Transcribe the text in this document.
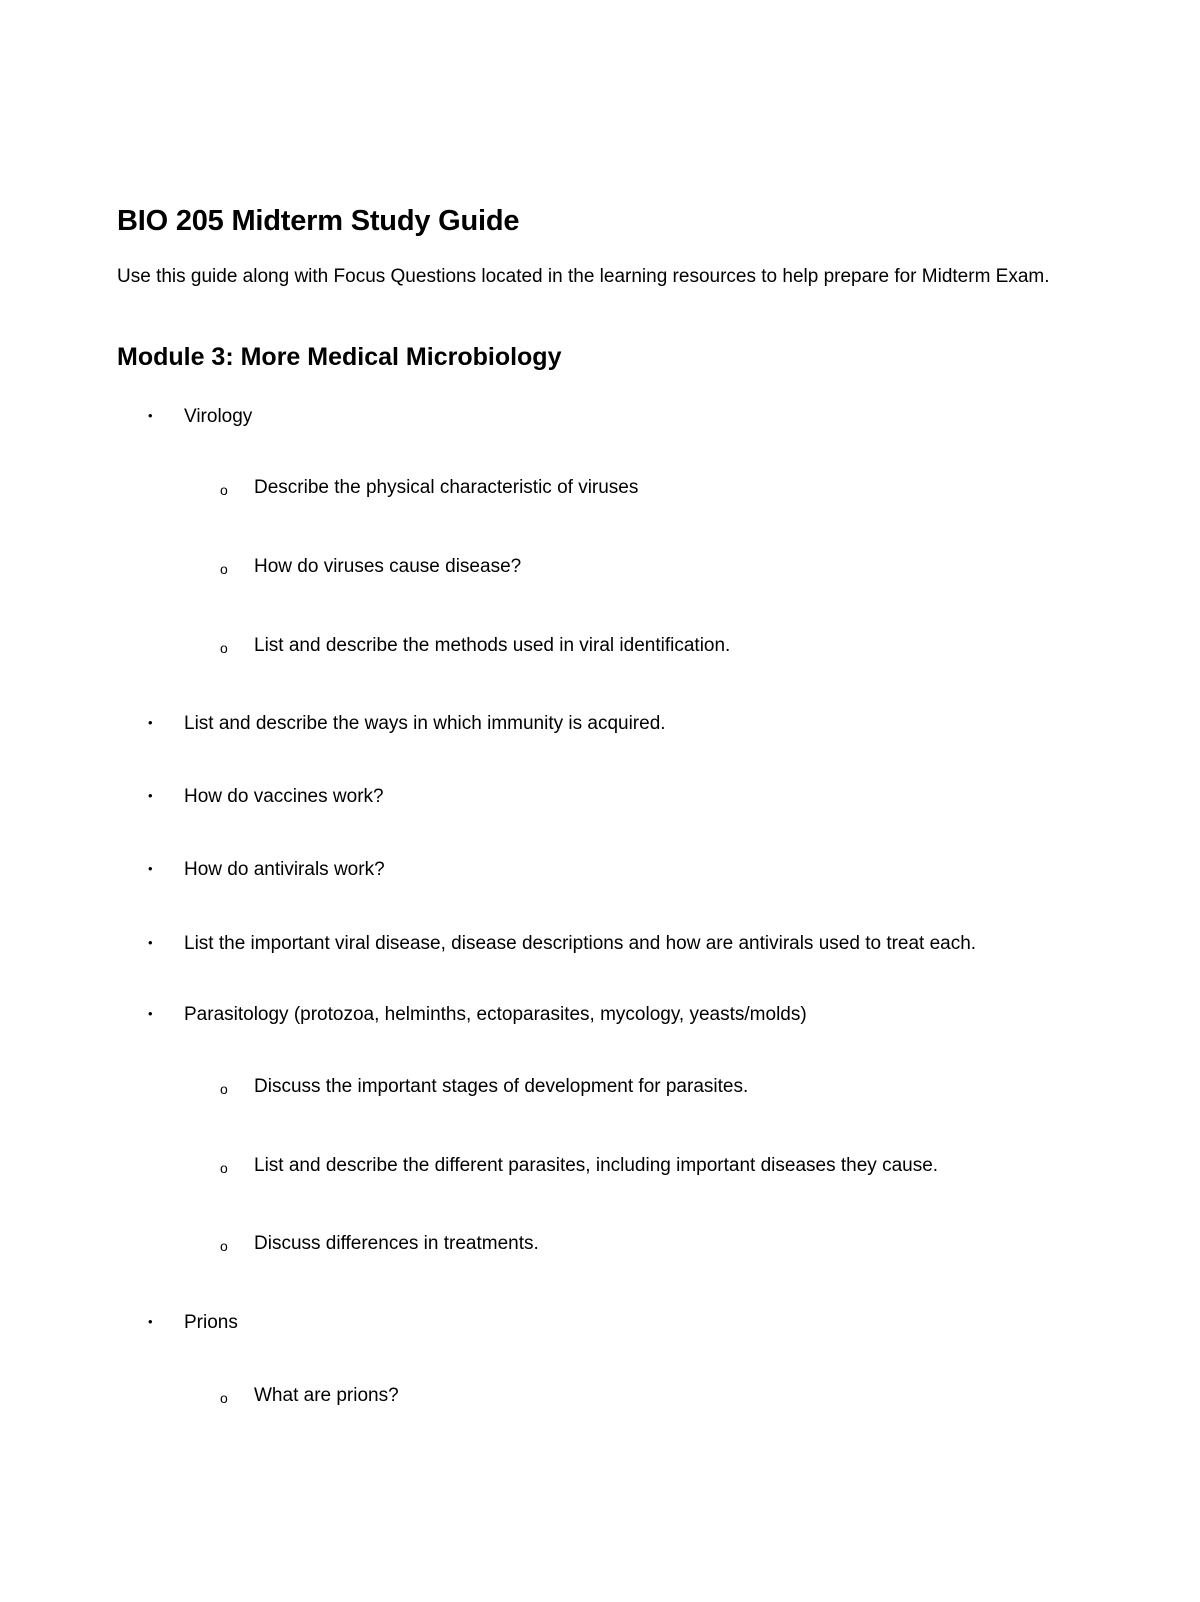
BIO 205 Midterm Study Guide

Use this guide along with Focus Questions located in the learning resources to help prepare for Midterm Exam.

Module 3: More Medical Microbiology
• Virology
o Describe the physical characteristic of viruses
o How do viruses cause disease?
o List and describe the methods used in viral identification.
• List and describe the ways in which immunity is acquired.
• How do vaccines work?
• How do antivirals work?
• List the important viral disease, disease descriptions and how are antivirals used to treat each.
• Parasitology (protozoa, helminths, ectoparasites, mycology, yeasts/molds)
o Discuss the important stages of development for parasites.
o List and describe the different parasites, including important diseases they cause.
o Discuss differences in treatments.
• Prions
o What are prions?
